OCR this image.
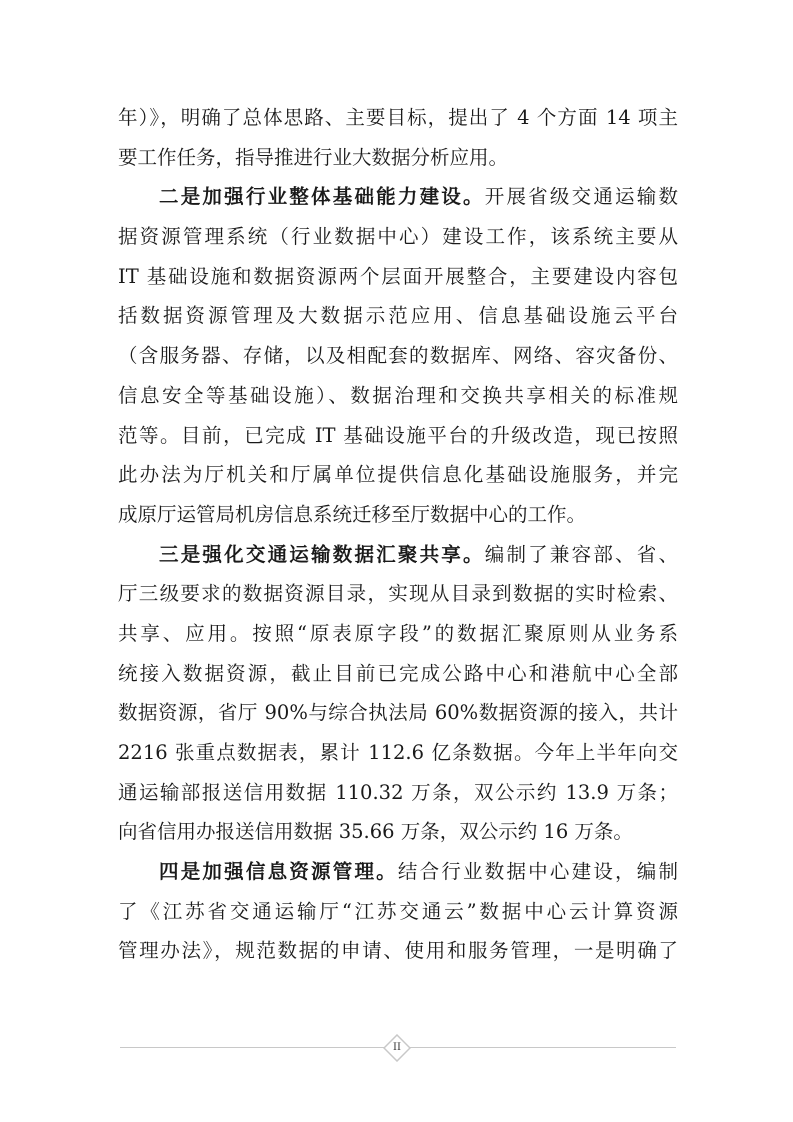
年）》，明确了总体思路、主要目标，提出了 4 个方面 14 项主
要工作任务，指导推进行业大数据分析应用。
二是加强行业整体基础能力建设。开展省级交通运输数
据资源管理系统（行业数据中心）建设工作，该系统主要从
IT 基础设施和数据资源两个层面开展整合，主要建设内容包
括数据资源管理及大数据示范应用、信息基础设施云平台
（含服务器、存储，以及相配套的数据库、网络、容灾备份、
信息安全等基础设施）、数据治理和交换共享相关的标准规
范等。目前，已完成 IT 基础设施平台的升级改造，现已按照
此办法为厅机关和厅属单位提供信息化基础设施服务，并完
成原厅运管局机房信息系统迁移至厅数据中心的工作。
三是强化交通运输数据汇聚共享。编制了兼容部、省、
厅三级要求的数据资源目录，实现从目录到数据的实时检索、
共享、应用。按照“原表原字段”的数据汇聚原则从业务系
统接入数据资源，截止目前已完成公路中心和港航中心全部
数据资源，省厅 90%与综合执法局 60%数据资源的接入，共计
2216 张重点数据表，累计 112.6 亿条数据。今年上半年向交
通运输部报送信用数据 110.32 万条，双公示约 13.9 万条；
向省信用办报送信用数据 35.66 万条，双公示约 16 万条。
四是加强信息资源管理。结合行业数据中心建设，编制
了《江苏省交通运输厅“江苏交通云”数据中心云计算资源
管理办法》，规范数据的申请、使用和服务管理，一是明确了
II
